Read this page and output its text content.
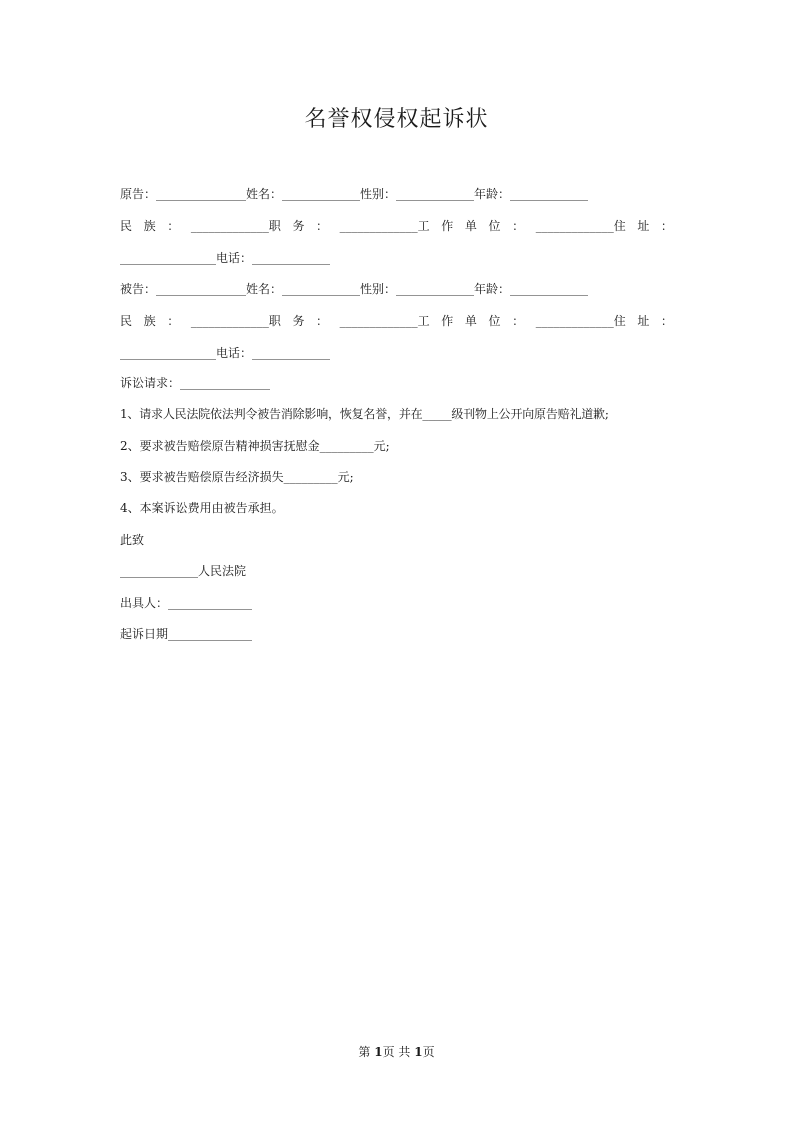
名誉权侵权起诉状
原告：_______________姓名：_____________性别：_____________年龄：_____________
民 族 ： _____________职 务 ： _____________工 作 单 位 ： _____________住 址 ：
________________电话：_____________
被告：_______________姓名：_____________性别：_____________年龄：_____________
民 族 ： _____________职 务 ： _____________工 作 单 位 ： _____________住 址 ：
________________电话：_____________
诉讼请求：_______________
1、请求人民法院依法判令被告消除影响，恢复名誉，并在_____级刊物上公开向原告赔礼道歉;
2、要求被告赔偿原告精神损害抚慰金_________元;
3、要求被告赔偿原告经济损失_________元;
4、本案诉讼费用由被告承担。
此致
_____________人民法院
出具人：______________
起诉日期______________
第 1页 共 1页
